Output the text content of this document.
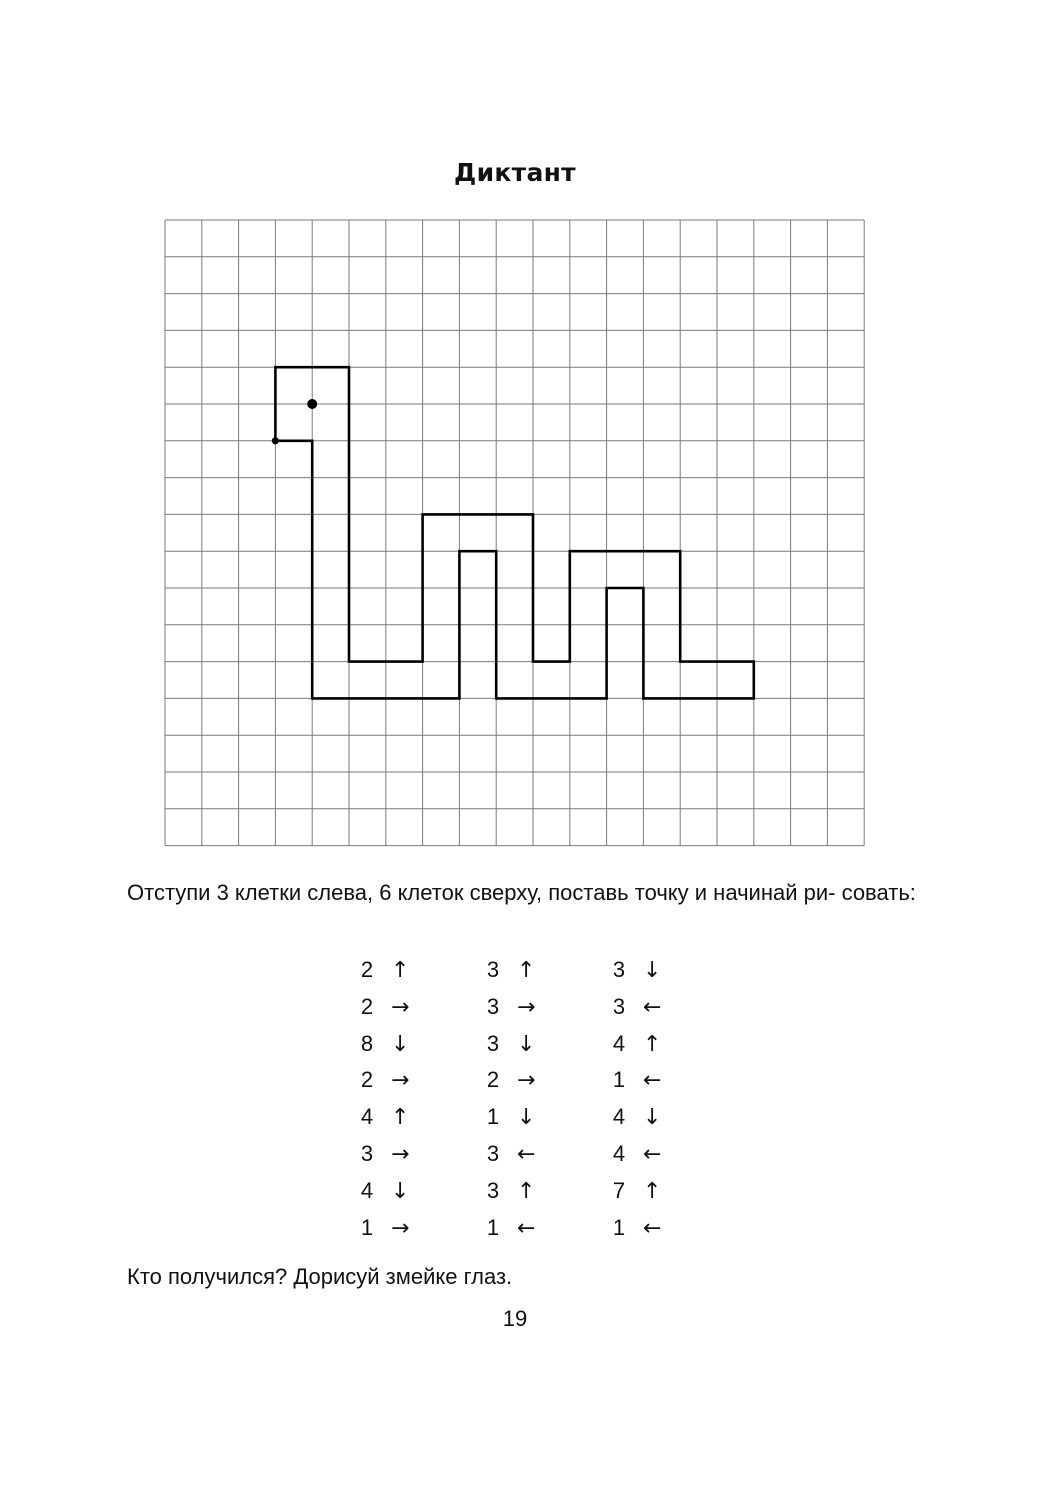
Диктант
Отступи 3 клетки слева, 6 клеток сверху, поставь точку и начинай ри- совать:
2 ↑
2 →
8 ↓
2 →
4 ↑
3 →
4 ↓
1 →
3 ↑
3 →
3 ↓
2 →
1 ↓
3 ←
3 ↑
1 ←
3 ↓
3 ←
4 ↑
1 ←
4 ↓
4 ←
7 ↑
1 ←
Кто получился? Дорисуй змейке глаз.
19
